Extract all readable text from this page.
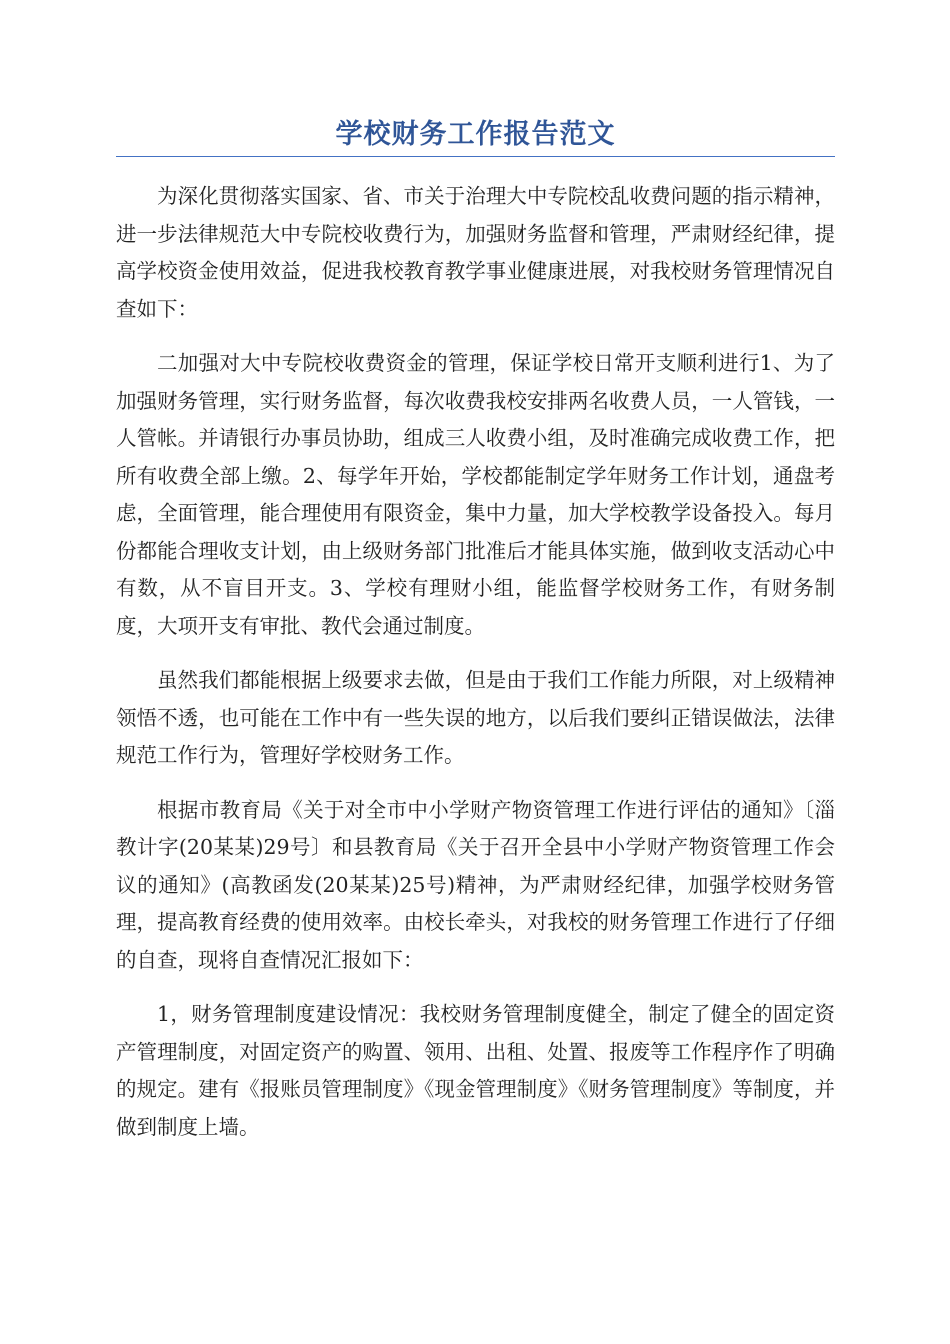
学校财务工作报告范文

为深化贯彻落实国家、省、市关于治理大中专院校乱收费问题的指示精神，进一步法律规范大中专院校收费行为，加强财务监督和管理，严肃财经纪律，提高学校资金使用效益，促进我校教育教学事业健康进展，对我校财务管理情况自查如下：

二加强对大中专院校收费资金的管理，保证学校日常开支顺利进行1、为了加强财务管理，实行财务监督，每次收费我校安排两名收费人员，一人管钱，一人管帐。并请银行办事员协助，组成三人收费小组，及时准确完成收费工作，把所有收费全部上缴。2、每学年开始，学校都能制定学年财务工作计划，通盘考虑，全面管理，能合理使用有限资金，集中力量，加大学校教学设备投入。每月份都能合理收支计划，由上级财务部门批准后才能具体实施，做到收支活动心中有数，从不盲目开支。3、学校有理财小组，能监督学校财务工作，有财务制度，大项开支有审批、教代会通过制度。

虽然我们都能根据上级要求去做，但是由于我们工作能力所限，对上级精神领悟不透，也可能在工作中有一些失误的地方，以后我们要纠正错误做法，法律规范工作行为，管理好学校财务工作。

根据市教育局《关于对全市中小学财产物资管理工作进行评估的通知》〔淄教计字(20某某)29号〕和县教育局《关于召开全县中小学财产物资管理工作会议的通知》(高教函发(20某某)25号)精神，为严肃财经纪律，加强学校财务管理，提高教育经费的使用效率。由校长牵头，对我校的财务管理工作进行了仔细的自查，现将自查情况汇报如下：

1，财务管理制度建设情况：我校财务管理制度健全，制定了健全的固定资产管理制度，对固定资产的购置、领用、出租、处置、报废等工作程序作了明确的规定。建有《报账员管理制度》《现金管理制度》《财务管理制度》等制度，并做到制度上墙。
